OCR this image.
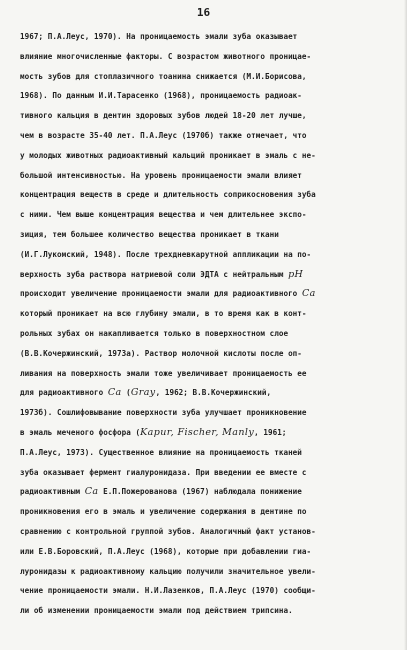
16
1967; П.А.Леус, 1970). На проницаемость эмали зуба оказывает
влияние многочисленные факторы. С возрастом животного проницае-
мость зубов для стоплазичного тоанина снижается (М.И.Борисова,
1968). По данным И.И.Тарасенко (1968), проницаемость радиоак-
тивного кальция в дентин здоровых зубов людей 18-20 лет лучше,
чем в возрасте 35-40 лет. П.А.Леус (1970б) также отмечает, что
у молодых животных радиоактивный кальций проникает в эмаль с не-
большой интенсивностью. На уровень проницаемости эмали влияет
концентрация веществ в среде и длительность соприкосновения зуба
с ними. Чем выше концентрация вещества и чем длительнее экспо-
зиция, тем большее количество вещества проникает в ткани
(И.Г.Лукомский, 1948). После трехдневкарутной аппликации на по-
верхность зуба раствора натриевой соли ЭДТА с нейтральным рН
происходит увеличение проницаемости эмали для радиоактивного Са
который проникает на всю глубину эмали, в то время как в конт-
рольных зубах он накапливается только в поверхностном слое
(В.В.Кочержинский, 1973а). Раствор молочной кислоты после оп-
ливания на поверхность эмали тоже увеличивает проницаемость ее
для радиоактивного Са (Gray, 1962; В.В.Кочержинский,
1973б). Сошлифовывание поверхности зуба улучшает проникновение
в эмаль меченого фосфора (Kapur, Fischer, Manly, 1961;
П.А.Леус, 1973). Существенное влияние на проницаемость тканей
зуба оказывает фермент гиалуронидаза. При введении ее вместе с
радиоактивным Са Е.П.Пожерованова (1967) наблюдала понижение
проникновения его в эмаль и увеличение содержания в дентине по
сравнению с контрольной группой зубов. Аналогичный факт установ-
или Е.В.Боровский, П.А.Леус (1968), которые при добавлении гиа-
луронидазы к радиоактивному кальцию получили значительное увели-
чение проницаемости эмали. Н.И.Лазенков, П.А.Леус (1970) сообщи-
ли об изменении проницаемости эмали под действием трипсина.
